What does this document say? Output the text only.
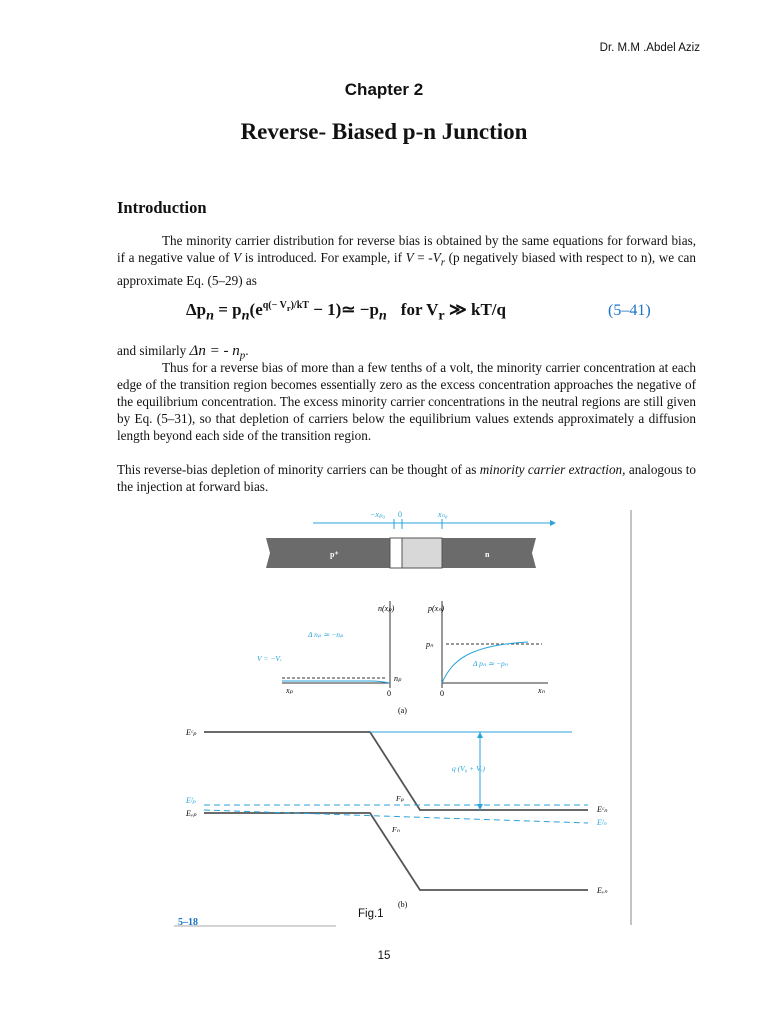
Dr. M.M .Abdel Aziz
Chapter 2
Reverse- Biased p-n Junction
Introduction
The minority carrier distribution for reverse bias is obtained by the same equations for forward bias, if a negative value of V is introduced. For example, if $V = -V_r$ (p negatively biased with respect to n), we can approximate Eq. (5–29) as
$\Delta p_n = p_n(e^{q(- V_r)/kT}$ − 1)≃ $-p_n$ for $V_r$ ≫ kT/q	(5–41)
and similarly Δn = - $n_p$.
Thus for a reverse bias of more than a few tenths of a volt, the minority carrier concentration at each edge of the transition region becomes essentially zero as the excess concentration approaches the negative of the equilibrium concentration. The excess minority carrier concentrations in the neutral regions are still given by Eq. (5–31), so that depletion of carriers below the equilibrium values extends approximately a diffusion length beyond each side of the transition region.
This reverse-bias depletion of minority carriers can be thought of as minority carrier extraction, analogous to the injection at forward bias.
−xₚ₀ 0	xₙ₀
p⁺	n
n(xₚ)
xₚ	0
nₚ
Δ nₚ ≃ −nₚ
V = −Vᵣ
p(xₙ)
xₙ
0
pₙ
Δ pₙ ≃ −pₙ
(a)
q (V₀ + Vᵣ)
Eᶜₚ
Eᶠₚ
Eᵥₚ	Eᶜₙ
Eᶠₙ
Eᵥₙ
Fₚ
Fₙ
(b)
5–18
Fig.1
15
